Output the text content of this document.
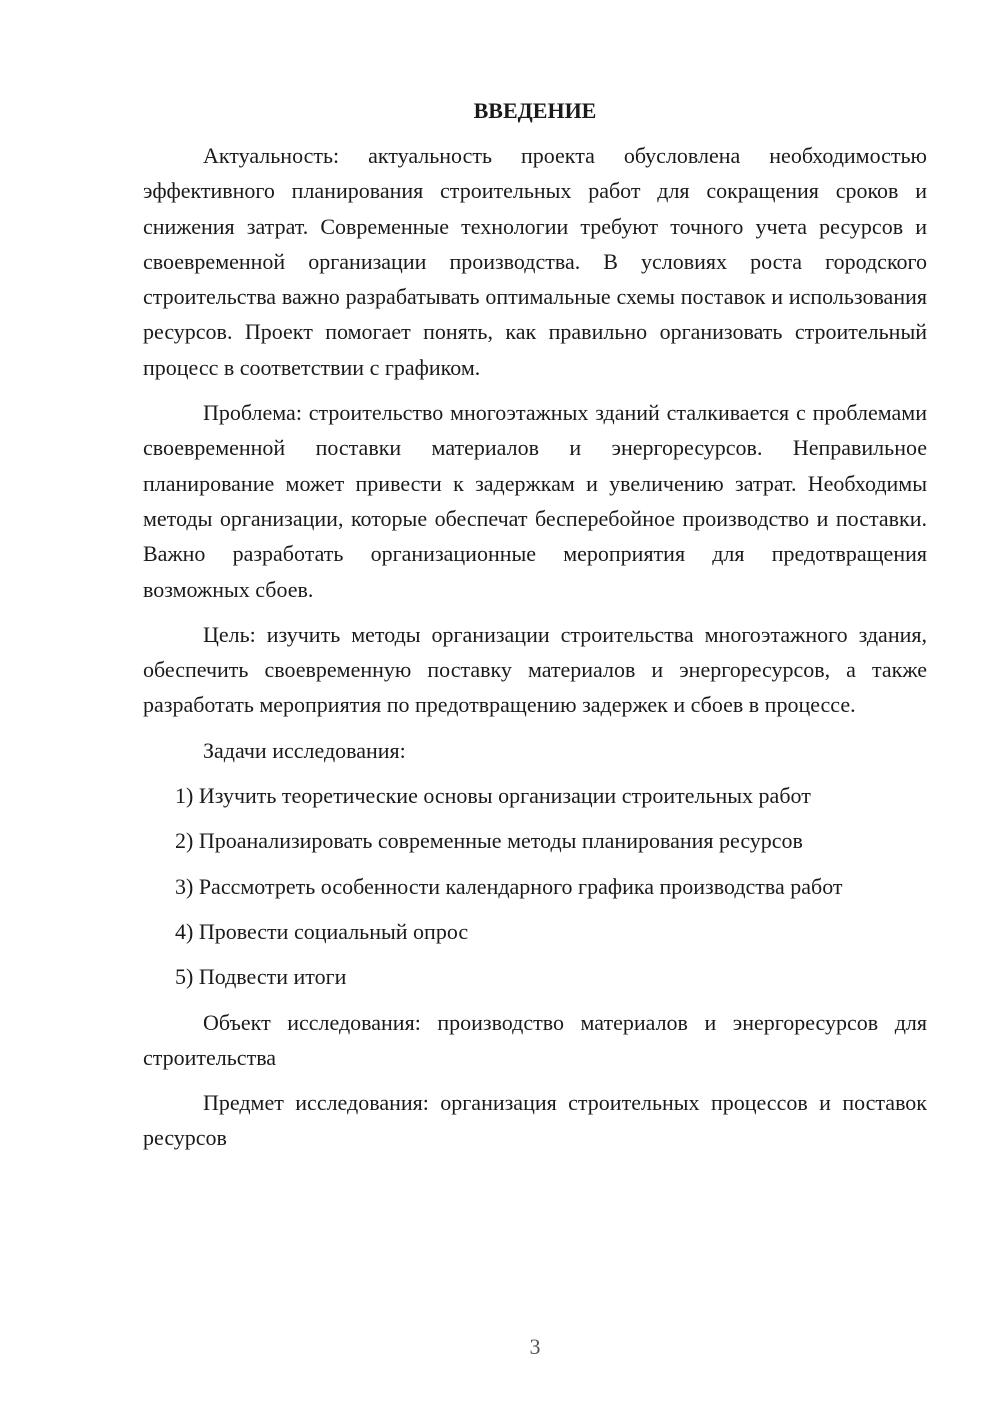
ВВЕДЕНИЕ

Актуальность: актуальность проекта обусловлена необходимостью эффективного планирования строительных работ для сокращения сроков и снижения затрат. Современные технологии требуют точного учета ресурсов и своевременной организации производства. В условиях роста городского строительства важно разрабатывать оптимальные схемы поставок и использования ресурсов. Проект помогает понять, как правильно организовать строительный процесс в соответствии с графиком.

Проблема: строительство многоэтажных зданий сталкивается с проблемами своевременной поставки материалов и энергоресурсов. Неправильное планирование может привести к задержкам и увеличению затрат. Необходимы методы организации, которые обеспечат бесперебойное производство и поставки. Важно разработать организационные мероприятия для предотвращения возможных сбоев.

Цель: изучить методы организации строительства многоэтажного здания, обеспечить своевременную поставку материалов и энергоресурсов, а также разработать мероприятия по предотвращению задержек и сбоев в процессе.

Задачи исследования:

1) Изучить теоретические основы организации строительных работ

2) Проанализировать современные методы планирования ресурсов

3) Рассмотреть особенности календарного графика производства работ

4) Провести социальный опрос

5) Подвести итоги

Объект исследования: производство материалов и энергоресурсов для строительства

Предмет исследования: организация строительных процессов и поставок ресурсов

3
